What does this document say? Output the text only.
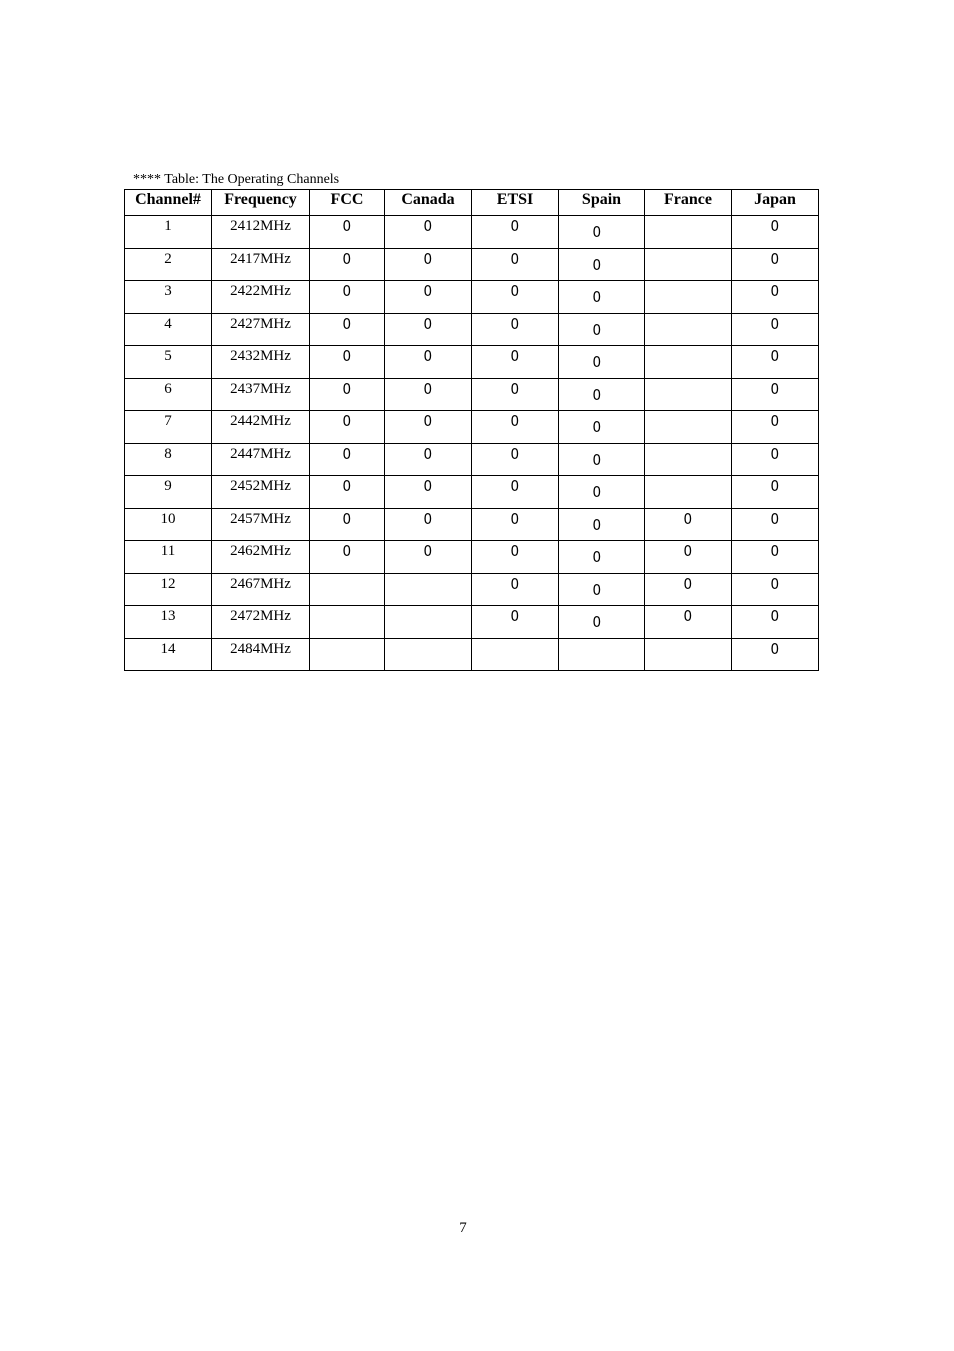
**** Table: The Operating Channels
Channel#	Frequency	FCC	Canada	ETSI	Spain	France	Japan
1	2412MHz	0	0	0	0		0
2	2417MHz	0	0	0	0		0
3	2422MHz	0	0	0	0		0
4	2427MHz	0	0	0	0		0
5	2432MHz	0	0	0	0		0
6	2437MHz	0	0	0	0		0
7	2442MHz	0	0	0	0		0
8	2447MHz	0	0	0	0		0
9	2452MHz	0	0	0	0		0
10	2457MHz	0	0	0	0	0	0
11	2462MHz	0	0	0	0	0	0
12	2467MHz			0	0	0	0
13	2472MHz			0	0	0	0
14	2484MHz						0
7
